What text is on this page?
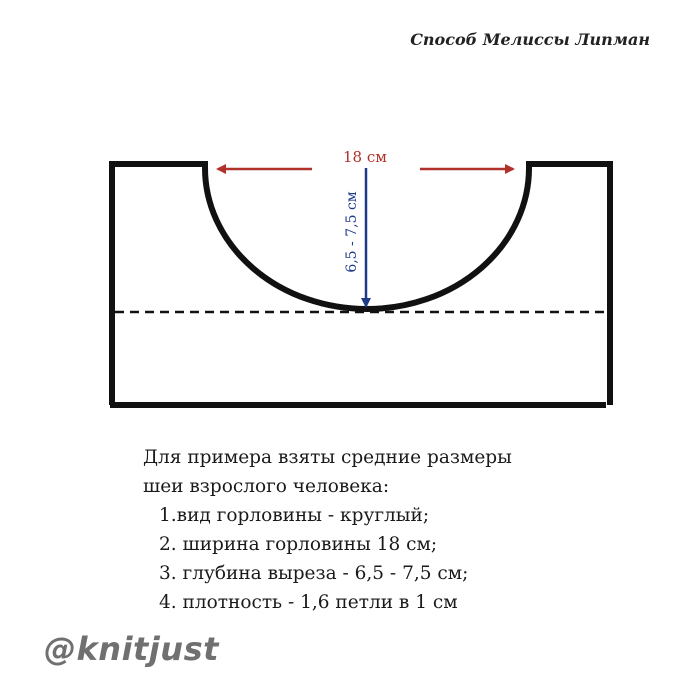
Способ Мелиссы Липман
18 см
6,5 - 7,5 см

Для примера взяты средние размеры

шеи взрослого человека:

1.вид горловины - круглый;
2. ширина горловины 18 см;
3. глубина выреза - 6,5 - 7,5 см;
4. плотность - 1,6 петли в 1 см
@knitjust
